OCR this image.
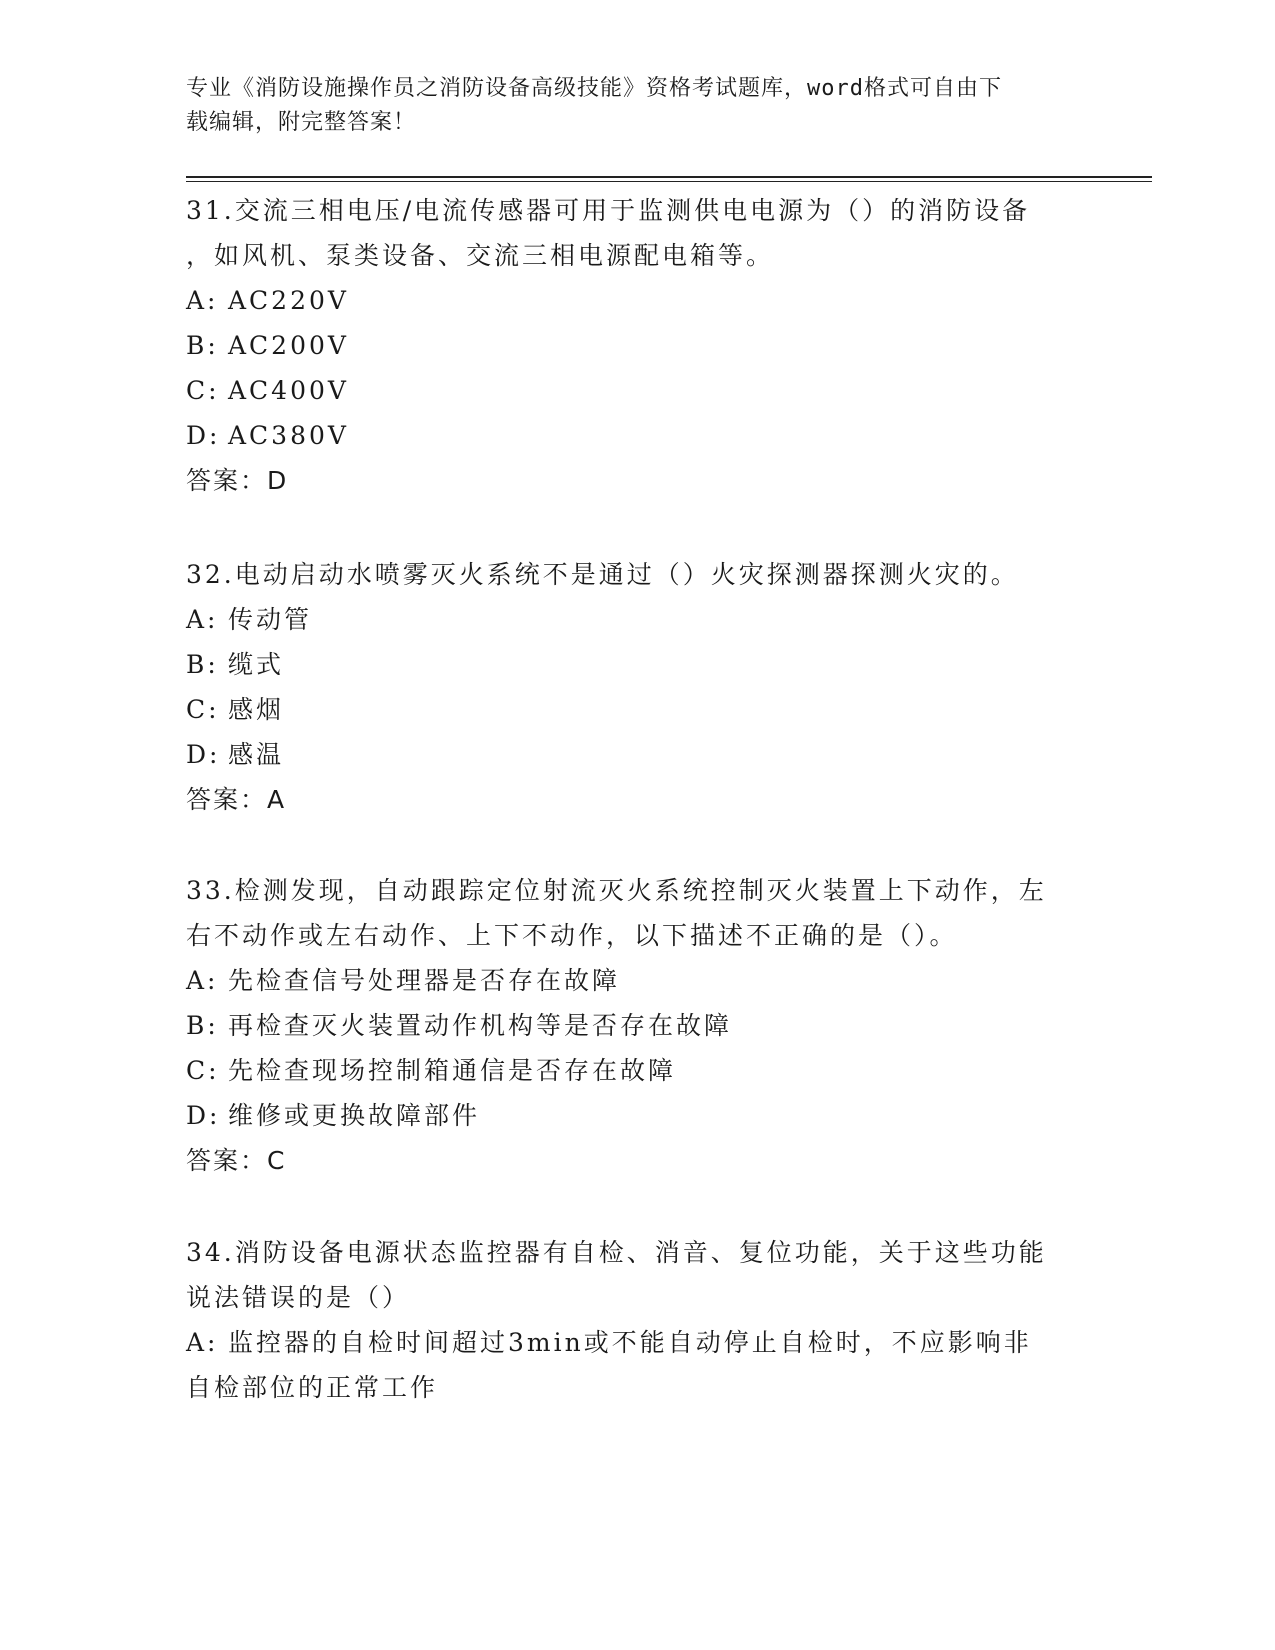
专业《消防设施操作员之消防设备高级技能》资格考试题库，word格式可自由下
载编辑，附完整答案！

31.交流三相电压/电流传感器可用于监测供电电源为（）的消防设备

，如风机、泵类设备、交流三相电源配电箱等。

A: AC220V

B: AC200V

C: AC400V

D: AC380V

答案：D

32.电动启动水喷雾灭火系统不是通过（）火灾探测器探测火灾的。

A: 传动管

B: 缆式

C: 感烟

D: 感温

答案：A

33.检测发现，自动跟踪定位射流灭火系统控制灭火装置上下动作，左

右不动作或左右动作、上下不动作，以下描述不正确的是（）。

A: 先检查信号处理器是否存在故障

B: 再检查灭火装置动作机构等是否存在故障

C: 先检查现场控制箱通信是否存在故障

D: 维修或更换故障部件

答案：C

34.消防设备电源状态监控器有自检、消音、复位功能，关于这些功能

说法错误的是（）

A: 监控器的自检时间超过3min或不能自动停止自检时，不应影响非

自检部位的正常工作
